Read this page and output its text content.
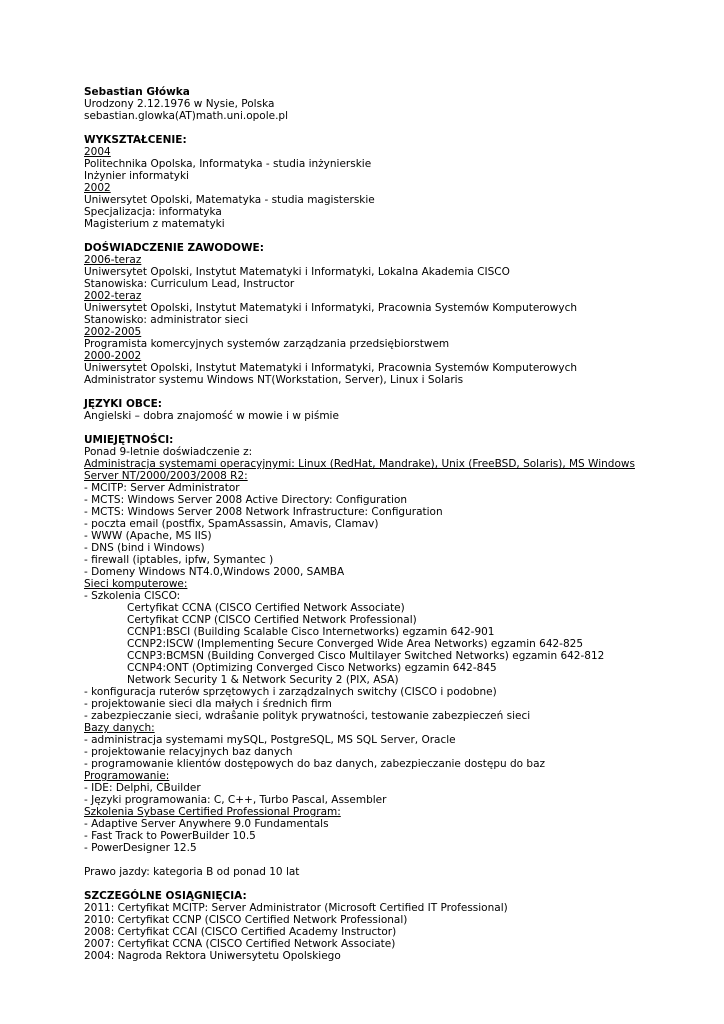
Sebastian Główka
Urodzony 2.12.1976 w Nysie, Polska
sebastian.glowka(AT)math.uni.opole.pl
WYKSZTAŁCENIE:
2004
Politechnika Opolska, Informatyka - studia inżynierskie
Inżynier informatyki
2002
Uniwersytet Opolski, Matematyka - studia magisterskie
Specjalizacja: informatyka
Magisterium z matematyki
DOŚWIADCZENIE ZAWODOWE:
2006-teraz
Uniwersytet Opolski, Instytut Matematyki i Informatyki, Lokalna Akademia CISCO
Stanowiska: Curriculum Lead, Instructor
2002-teraz
Uniwersytet Opolski, Instytut Matematyki i Informatyki, Pracownia Systemów Komputerowych
Stanowisko: administrator sieci
2002-2005
Programista komercyjnych systemów zarządzania przedsiębiorstwem
2000-2002
Uniwersytet Opolski, Instytut Matematyki i Informatyki, Pracownia Systemów Komputerowych
Administrator systemu Windows NT(Workstation, Server), Linux i Solaris
JĘZYKI OBCE:
Angielski – dobra znajomość w mowie i w piśmie
UMIEJĘTNOŚCI:
Ponad 9-letnie doświadczenie z:
Administracja systemami operacyjnymi: Linux (RedHat, Mandrake), Unix (FreeBSD, Solaris), MS Windows Server NT/2000/2003/2008 R2:
- MCITP: Server Administrator
- MCTS: Windows Server 2008 Active Directory: Configuration
- MCTS: Windows Server 2008 Network Infrastructure: Configuration
- poczta email (postfix, SpamAssassin, Amavis, Clamav)
- WWW (Apache, MS IIS)
- DNS (bind i Windows)
- firewall (iptables, ipfw, Symantec )
- Domeny Windows NT4.0,Windows 2000, SAMBA
Sieci komputerowe:
- Szkolenia CISCO:
Certyfikat CCNA (CISCO Certified Network Associate)
Certyfikat CCNP (CISCO Certified Network Professional)
CCNP1:BSCI (Building Scalable Cisco Internetworks) egzamin 642-901
CCNP2:ISCW (Implementing Secure Converged Wide Area Networks) egzamin 642-825
CCNP3:BCMSN (Building Converged Cisco Multilayer Switched Networks) egzamin 642-812
CCNP4:ONT (Optimizing Converged Cisco Networks) egzamin 642-845
Network Security 1 & Network Security 2 (PIX, ASA)
- konfiguracja ruterów sprzętowych i zarządzalnych switchy (CISCO i podobne)
- projektowanie sieci dla małych i średnich firm
- zabezpieczanie sieci, wdraŝanie polityk prywatności, testowanie zabezpieczeń sieci
Bazy danych:
- administracja systemami mySQL, PostgreSQL, MS SQL Server, Oracle
- projektowanie relacyjnych baz danych
- programowanie klientów dostępowych do baz danych, zabezpieczanie dostępu do baz
Programowanie:
- IDE: Delphi, CBuilder
- Języki programowania: C, C++, Turbo Pascal, Assembler
Szkolenia Sybase Certified Professional Program:
- Adaptive Server Anywhere 9.0 Fundamentals
- Fast Track to PowerBuilder 10.5
- PowerDesigner 12.5
Prawo jazdy: kategoria B od ponad 10 lat
SZCZEGÓLNE OSIĄGNIĘCIA:
2011: Certyfikat MCITP: Server Administrator (Microsoft Certified IT Professional)
2010: Certyfikat CCNP (CISCO Certified Network Professional)
2008: Certyfikat CCAI (CISCO Certified Academy Instructor)
2007: Certyfikat CCNA (CISCO Certified Network Associate)
2004: Nagroda Rektora Uniwersytetu Opolskiego
